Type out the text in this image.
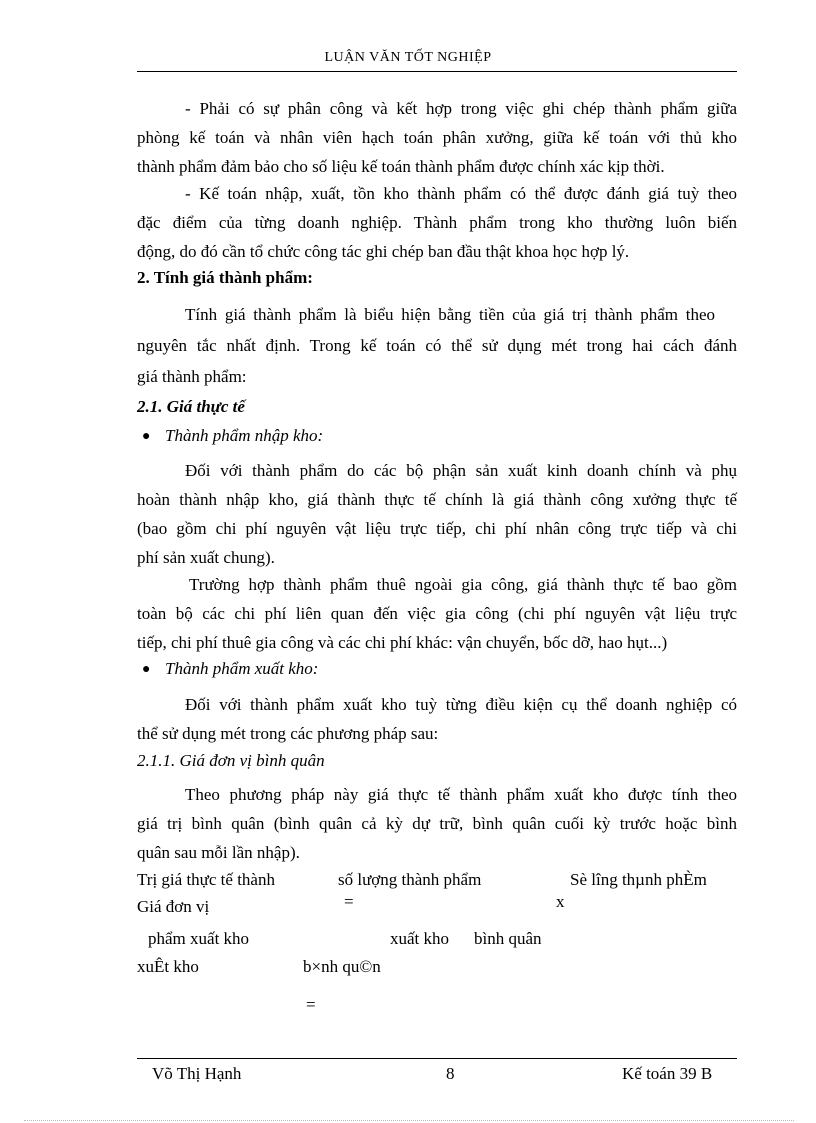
LUẬN VĂN TỐT NGHIỆP
- Phải có sự phân công và kết hợp trong việc ghi chép thành phẩm giữa
phòng kế toán và nhân viên hạch toán phân xưởng, giữa kế toán với thủ kho
thành phẩm đảm bảo cho số liệu kế toán thành phẩm được chính xác kịp thời.
- Kế toán nhập, xuất, tồn kho thành phẩm có thể được đánh giá tuỳ theo
đặc điểm của từng doanh nghiệp. Thành phẩm trong kho thường luôn biến
động, do đó cần tổ chức công tác ghi chép ban đầu thật khoa học hợp lý.
2. Tính giá thành phẩm:
Tính giá thành phẩm là biểu hiện bằng tiền của giá trị thành phẩm theo
nguyên tắc nhất định. Trong kế toán có thể sử dụng mét trong hai cách đánh
giá thành phẩm:
2.1. Giá thực tế
● Thành phẩm nhập kho:
Đối với thành phẩm do các bộ phận sản xuất kinh doanh chính và phụ
hoàn thành nhập kho, giá thành thực tế chính là giá thành công xưởng thực tế
(bao gồm chi phí nguyên vật liệu trực tiếp, chi phí nhân công trực tiếp và chi
phí sản xuất chung).
Trường hợp thành phẩm thuê ngoài gia công, giá thành thực tế bao gồm
toàn bộ các chi phí liên quan đến việc gia công (chi phí nguyên vật liệu trực
tiếp, chi phí thuê gia công và các chi phí khác: vận chuyển, bốc dỡ, hao hụt...)
● Thành phẩm xuất kho:
Đối với thành phẩm xuất kho tuỳ từng điều kiện cụ thể doanh nghiệp có
thể sử dụng mét trong các phương pháp sau:
2.1.1. Giá đơn vị bình quân
Theo phương pháp này giá thực tế thành phẩm xuất kho được tính theo
giá trị bình quân (bình quân cả kỳ dự trữ, bình quân cuối kỳ trước hoặc bình
quân sau mỗi lần nhập).
Trị giá thực tế thành	số lượng thành phẩm	Sè lîng thµnh phÈm
Giá đơn vị	=	x
phẩm xuất kho	xuất kho bình quân
xuÊt kho	b×nh qu©n
=
Võ Thị Hạnh	8	Kế toán 39 B
